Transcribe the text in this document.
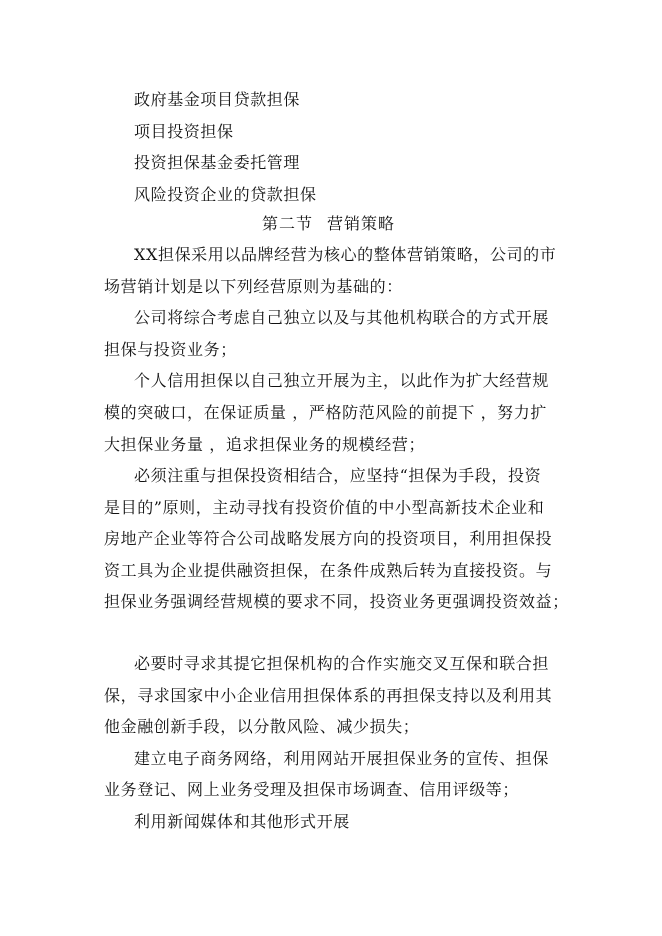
政府基金项目贷款担保
项目投资担保
投资担保基金委托管理
风险投资企业的贷款担保
第二节 营销策略
XX担保采用以品牌经营为核心的整体营销策略，公司的市
场营销计划是以下列经营原则为基础的：
公司将综合考虑自己独立以及与其他机构联合的方式开展
担保与投资业务；
个人信用担保以自己独立开展为主，以此作为扩大经营规
模的突破口，在保证质量 ，严格防范风险的前提下 ，努力扩
大担保业务量 ，追求担保业务的规模经营；
必须注重与担保投资相结合，应坚持“担保为手段，投资
是目的”原则，主动寻找有投资价值的中小型高新技术企业和
房地产企业等符合公司战略发展方向的投资项目，利用担保投
资工具为企业提供融资担保，在条件成熟后转为直接投资。与
担保业务强调经营规模的要求不同，投资业务更强调投资效益；
必要时寻求其提它担保机构的合作实施交叉互保和联合担
保，寻求国家中小企业信用担保体系的再担保支持以及利用其
他金融创新手段，以分散风险、减少损失；
建立电子商务网络，利用网站开展担保业务的宣传、担保
业务登记、网上业务受理及担保市场调查、信用评级等；
利用新闻媒体和其他形式开展
